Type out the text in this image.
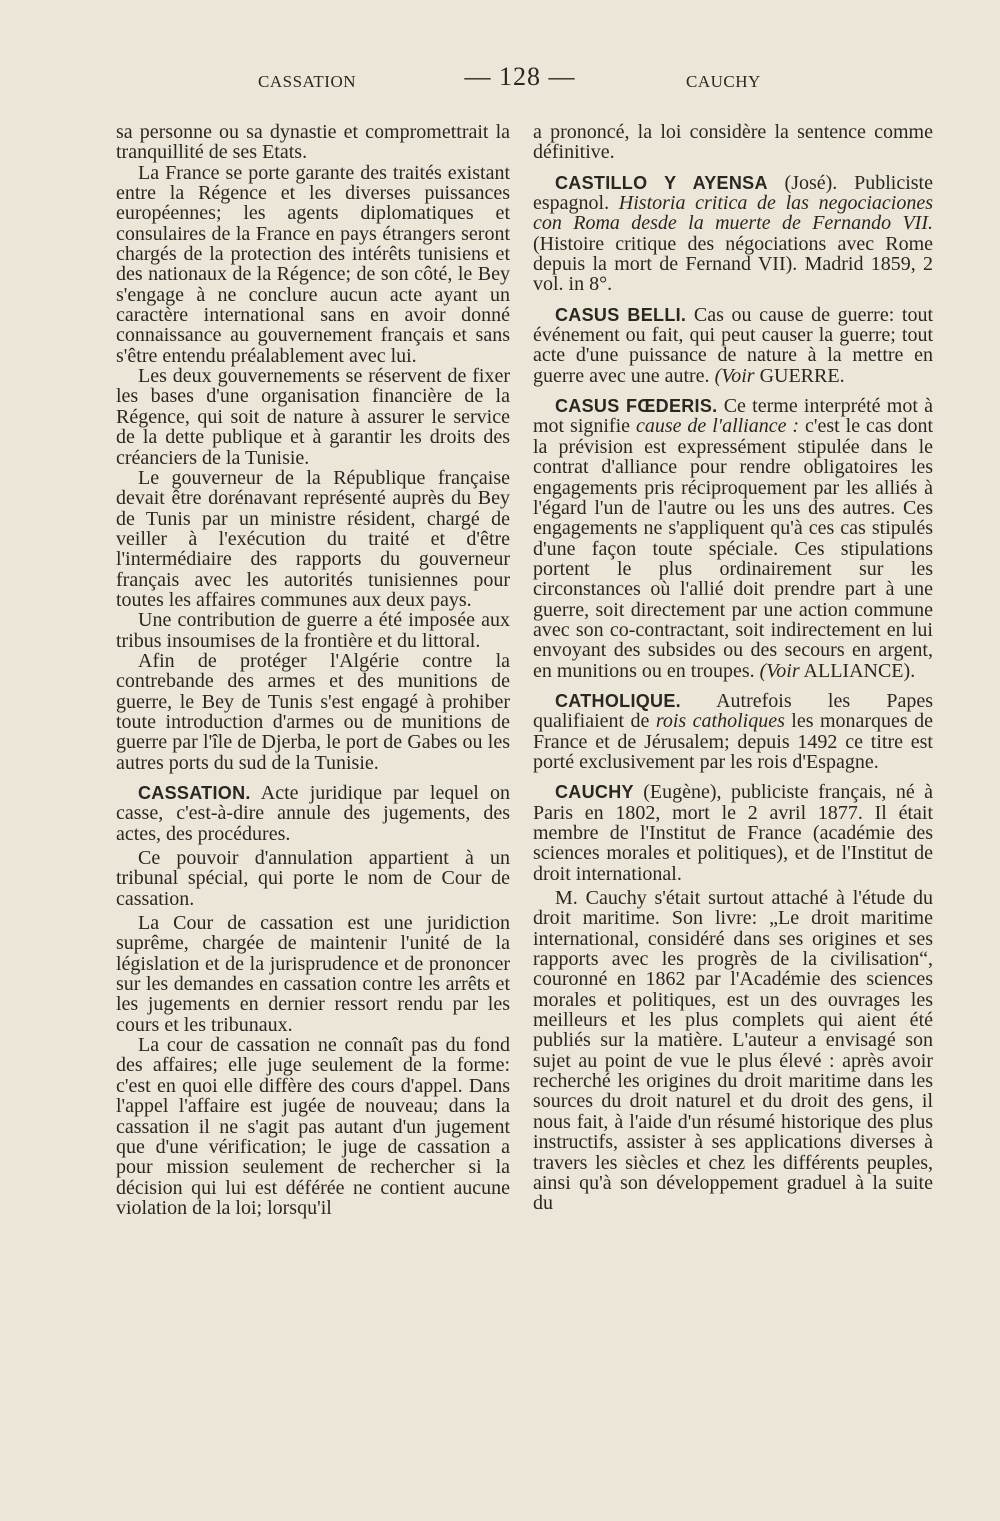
CASSATION	— 128 —	CAUCHY

sa personne ou sa dynastie et compromettrait la tranquillité de ses Etats.

La France se porte garante des traités existant entre la Régence et les diverses puissances européennes; les agents diplomatiques et consulaires de la France en pays étrangers seront chargés de la protection des intérêts tunisiens et des nationaux de la Régence; de son côté, le Bey s'engage à ne conclure aucun acte ayant un caractère international sans en avoir donné connaissance au gouvernement français et sans s'être entendu préalablement avec lui.

Les deux gouvernements se réservent de fixer les bases d'une organisation financière de la Régence, qui soit de nature à assurer le service de la dette publique et à garantir les droits des créanciers de la Tunisie.

Le gouverneur de la République française devait être dorénavant représenté auprès du Bey de Tunis par un ministre résident, chargé de veiller à l'exécution du traité et d'être l'intermédiaire des rapports du gouverneur français avec les autorités tunisiennes pour toutes les affaires communes aux deux pays.

Une contribution de guerre a été imposée aux tribus insoumises de la frontière et du littoral.

Afin de protéger l'Algérie contre la contrebande des armes et des munitions de guerre, le Bey de Tunis s'est engagé à prohiber toute introduction d'armes ou de munitions de guerre par l'île de Djerba, le port de Gabes ou les autres ports du sud de la Tunisie.

CASSATION. Acte juridique par lequel on casse, c'est-à-dire annule des jugements, des actes, des procédures.

Ce pouvoir d'annulation appartient à un tribunal spécial, qui porte le nom de Cour de cassation.

La Cour de cassation est une juridiction suprême, chargée de maintenir l'unité de la législation et de la jurisprudence et de prononcer sur les demandes en cassation contre les arrêts et les jugements en dernier ressort rendu par les cours et les tribunaux.

La cour de cassation ne connaît pas du fond des affaires; elle juge seulement de la forme: c'est en quoi elle diffère des cours d'appel. Dans l'appel l'affaire est jugée de nouveau; dans la cassation il ne s'agit pas autant d'un jugement que d'une vérification; le juge de cassation a pour mission seulement de rechercher si la décision qui lui est déférée ne contient aucune violation de la loi; lorsqu'il

a prononcé, la loi considère la sentence comme définitive.

CASTILLO Y AYENSA (José). Publiciste espagnol. Historia critica de las negociaciones con Roma desde la muerte de Fernando VII. (Histoire critique des négociations avec Rome depuis la mort de Fernand VII). Madrid 1859, 2 vol. in 8°.

CASUS BELLI. Cas ou cause de guerre: tout événement ou fait, qui peut causer la guerre; tout acte d'une puissance de nature à la mettre en guerre avec une autre. (Voir GUERRE.

CASUS FŒDERIS. Ce terme interprété mot à mot signifie cause de l'alliance : c'est le cas dont la prévision est expressément stipulée dans le contrat d'alliance pour rendre obligatoires les engagements pris réciproquement par les alliés à l'égard l'un de l'autre ou les uns des autres. Ces engagements ne s'appliquent qu'à ces cas stipulés d'une façon toute spéciale. Ces stipulations portent le plus ordinairement sur les circonstances où l'allié doit prendre part à une guerre, soit directement par une action commune avec son co-contractant, soit indirectement en lui envoyant des subsides ou des secours en argent, en munitions ou en troupes. (Voir ALLIANCE).

CATHOLIQUE. Autrefois les Papes qualifiaient de rois catholiques les monarques de France et de Jérusalem; depuis 1492 ce titre est porté exclusivement par les rois d'Espagne.

CAUCHY (Eugène), publiciste français, né à Paris en 1802, mort le 2 avril 1877. Il était membre de l'Institut de France (académie des sciences morales et politiques), et de l'Institut de droit international.

M. Cauchy s'était surtout attaché à l'étude du droit maritime. Son livre: „Le droit maritime international, considéré dans ses origines et ses rapports avec les progrès de la civilisation“, couronné en 1862 par l'Académie des sciences morales et politiques, est un des ouvrages les meilleurs et les plus complets qui aient été publiés sur la matière. L'auteur a envisagé son sujet au point de vue le plus élevé : après avoir recherché les origines du droit maritime dans les sources du droit naturel et du droit des gens, il nous fait, à l'aide d'un résumé historique des plus instructifs, assister à ses applications diverses à travers les siècles et chez les différents peuples, ainsi qu'à son développement graduel à la suite du
